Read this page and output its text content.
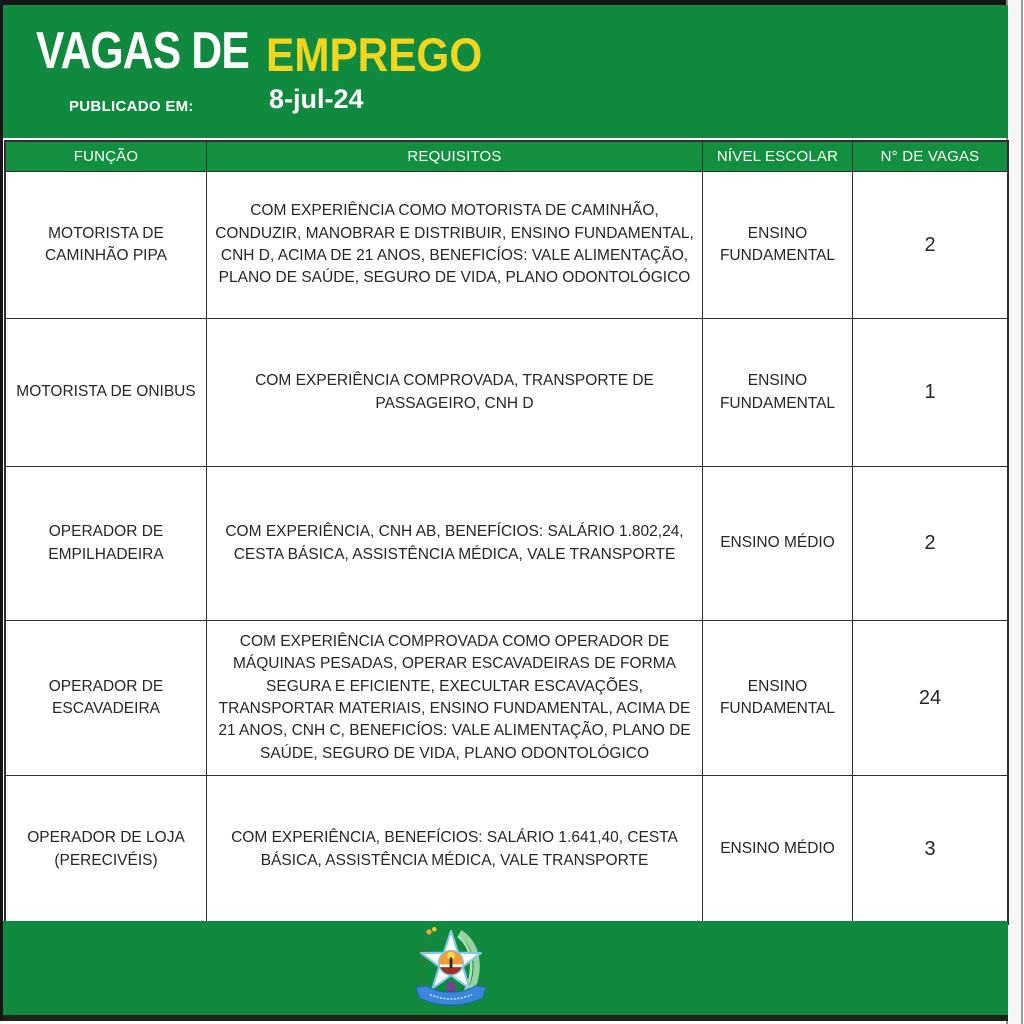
VAGAS DE EMPREGO
PUBLICADO EM:	8-jul-24
FUNÇÃO	REQUISITOS	NÍVEL ESCOLAR	N° DE VAGAS
MOTORISTA DE CAMINHÃO PIPA	COM EXPERIÊNCIA COMO MOTORISTA DE CAMINHÃO, CONDUZIR, MANOBRAR E DISTRIBUIR, ENSINO FUNDAMENTAL, CNH D, ACIMA DE 21 ANOS, BENEFICÍOS: VALE ALIMENTAÇÃO, PLANO DE SAÚDE, SEGURO DE VIDA, PLANO ODONTOLÓGICO	ENSINO FUNDAMENTAL	2
MOTORISTA DE ONIBUS	COM EXPERIÊNCIA COMPROVADA, TRANSPORTE DE PASSAGEIRO, CNH D	ENSINO FUNDAMENTAL	1
OPERADOR DE EMPILHADEIRA	COM EXPERIÊNCIA, CNH AB, BENEFÍCIOS: SALÁRIO 1.802,24, CESTA BÁSICA, ASSISTÊNCIA MÉDICA, VALE TRANSPORTE	ENSINO MÉDIO	2
OPERADOR DE ESCAVADEIRA	COM EXPERIÊNCIA COMPROVADA COMO OPERADOR DE MÁQUINAS PESADAS, OPERAR ESCAVADEIRAS DE FORMA SEGURA E EFICIENTE, EXECULTAR ESCAVAÇÕES, TRANSPORTAR MATERIAIS, ENSINO FUNDAMENTAL, ACIMA DE 21 ANOS, CNH C, BENEFICÍOS: VALE ALIMENTAÇÃO, PLANO DE SAÚDE, SEGURO DE VIDA, PLANO ODONTOLÓGICO	ENSINO FUNDAMENTAL	24
OPERADOR DE LOJA (PERECIVÉIS)	COM EXPERIÊNCIA, BENEFÍCIOS: SALÁRIO 1.641,40, CESTA BÁSICA, ASSISTÊNCIA MÉDICA, VALE TRANSPORTE	ENSINO MÉDIO	3
